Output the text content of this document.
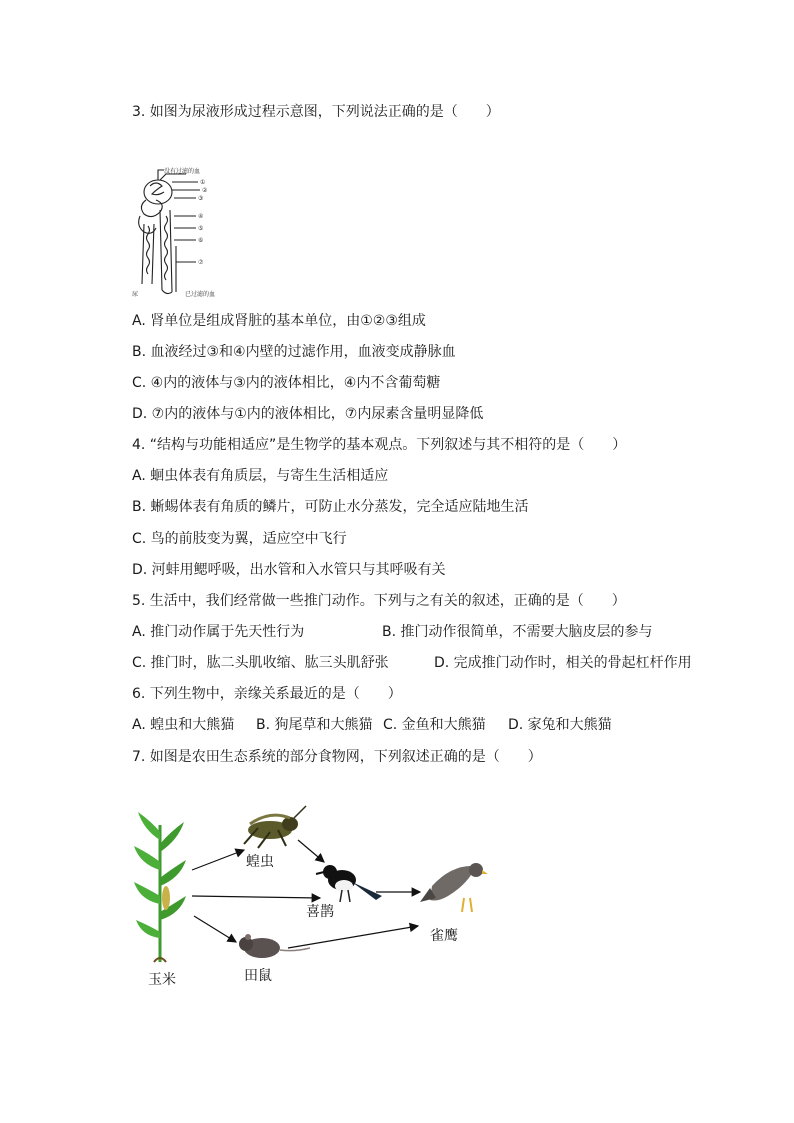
3. 如图为尿液形成过程示意图，下列说法正确的是（　　）
没有过滤的血
已过滤的血
尿
①
②
③
④
⑤
⑥
⑦
A. 肾单位是组成肾脏的基本单位，由①②③组成
B. 血液经过③和④内壁的过滤作用，血液变成静脉血
C. ④内的液体与③内的液体相比，④内不含葡萄糖
D. ⑦内的液体与①内的液体相比，⑦内尿素含量明显降低
4. “结构与功能相适应”是生物学的基本观点。下列叙述与其不相符的是（　　）
A. 蛔虫体表有角质层，与寄生生活相适应
B. 蜥蜴体表有角质的鳞片，可防止水分蒸发，完全适应陆地生活
C. 鸟的前肢变为翼，适应空中飞行
D. 河蚌用鳃呼吸，出水管和入水管只与其呼吸有关
5. 生活中，我们经常做一些推门动作。下列与之有关的叙述，正确的是（　　）
A. 推门动作属于先天性行为	B. 推门动作很简单，不需要大脑皮层的参与
C. 推门时，肱二头肌收缩、肱三头肌舒张	D. 完成推门动作时，相关的骨起杠杆作用
6. 下列生物中，亲缘关系最近的是（　　）
A. 蝗虫和大熊猫 B. 狗尾草和大熊猫 C. 金鱼和大熊猫 D. 家兔和大熊猫
7. 如图是农田生态系统的部分食物网，下列叙述正确的是（　　）
玉米
蝗虫
喜鹊
田鼠
雀鹰
